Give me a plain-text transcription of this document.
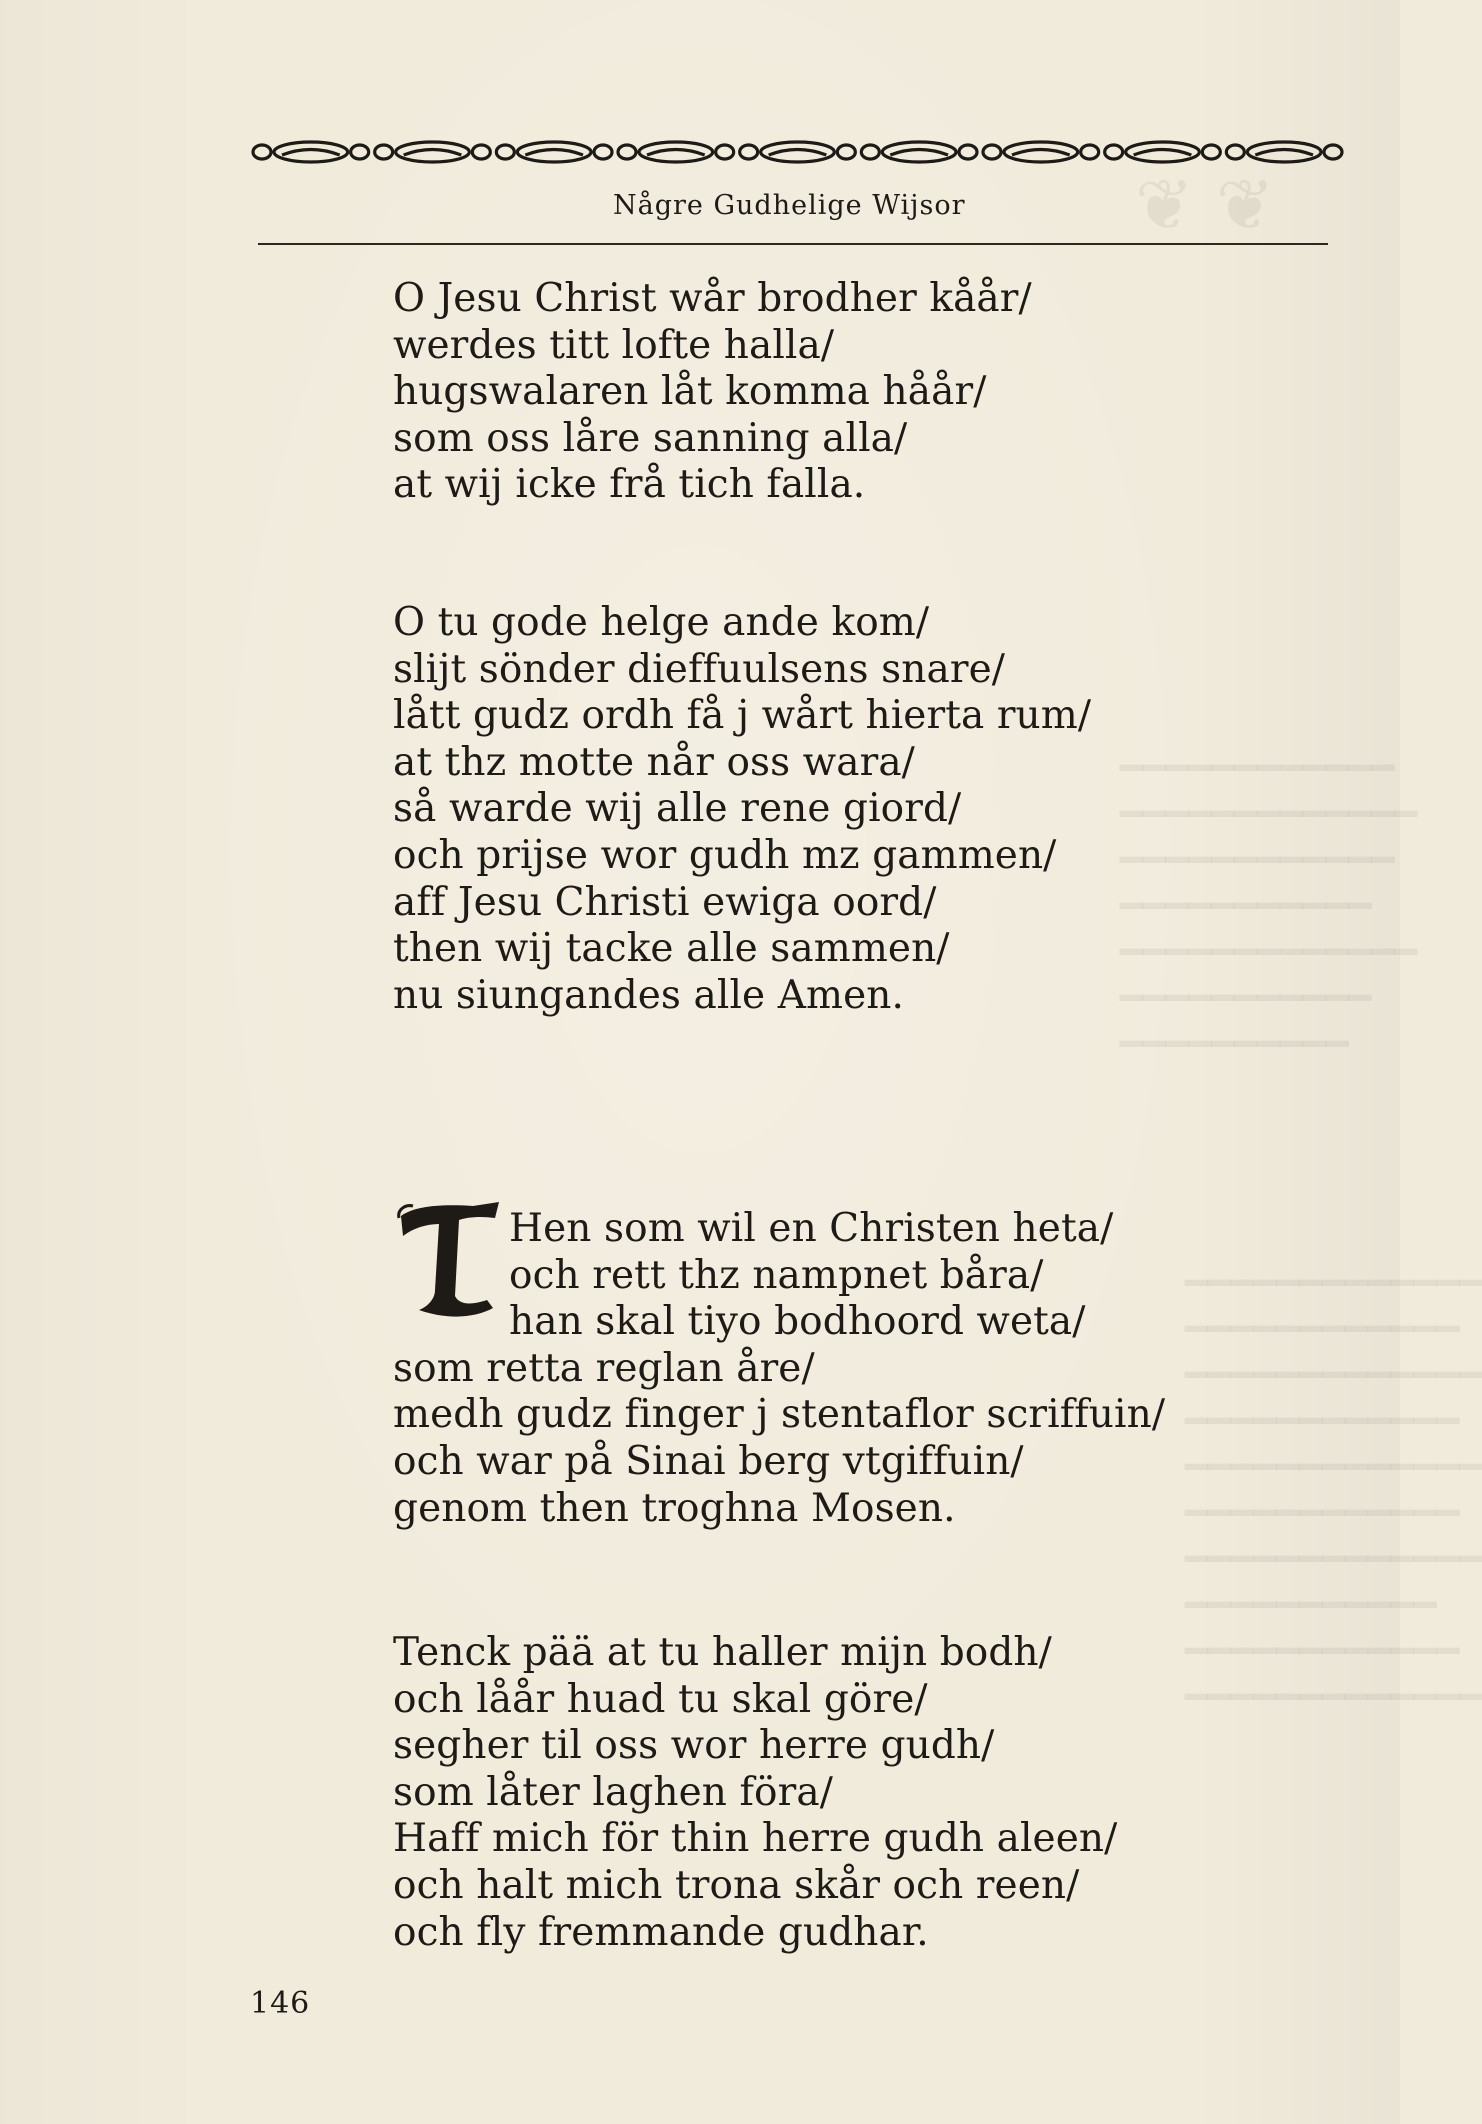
❦ ❦
━━━━━━━━━━━━
━━━━━━━━━━━━━
━━━━━━━━━━━━
━━━━━━━━━━━
━━━━━━━━━━━━━
━━━━━━━━━━━
━━━━━━━━━━
━━━━━━━━━━━━━
━━━━━━━━━━━━
━━━━━━━━━━━━━
━━━━━━━━━━━━
━━━━━━━━━━━━━
━━━━━━━━━━━━
━━━━━━━━━━━━━
━━━━━━━━━━━
━━━━━━━━━━━━
━━━━━━━━━━━━━
Någre Gudhelige Wijsor
O Jesu Christ wår brodher kåår/
werdes titt lofte halla/
hugswalaren låt komma håår/
som oss låre sanning alla/
at wij icke frå tich falla.
O tu gode helge ande kom/
slijt sönder dieffuulsens snare/
lått gudz ordh få j wårt hierta rum/
at thz motte når oss wara/
så warde wij alle rene giord/
och prijse wor gudh mz gammen/
aff Jesu Christi ewiga oord/
then wij tacke alle sammen/
nu siungandes alle Amen.
Hen som wil en Christen heta/
och rett thz nampnet båra/
han skal tiyo bodhoord weta/
som retta reglan åre/
medh gudz finger j stentaflor scriffuin/
och war på Sinai berg vtgiffuin/
genom then troghna Mosen.
Tenck pää at tu haller mijn bodh/
och låår huad tu skal göre/
segher til oss wor herre gudh/
som låter laghen föra/
Haff mich för thin herre gudh aleen/
och halt mich trona skår och reen/
och fly fremmande gudhar.
146
